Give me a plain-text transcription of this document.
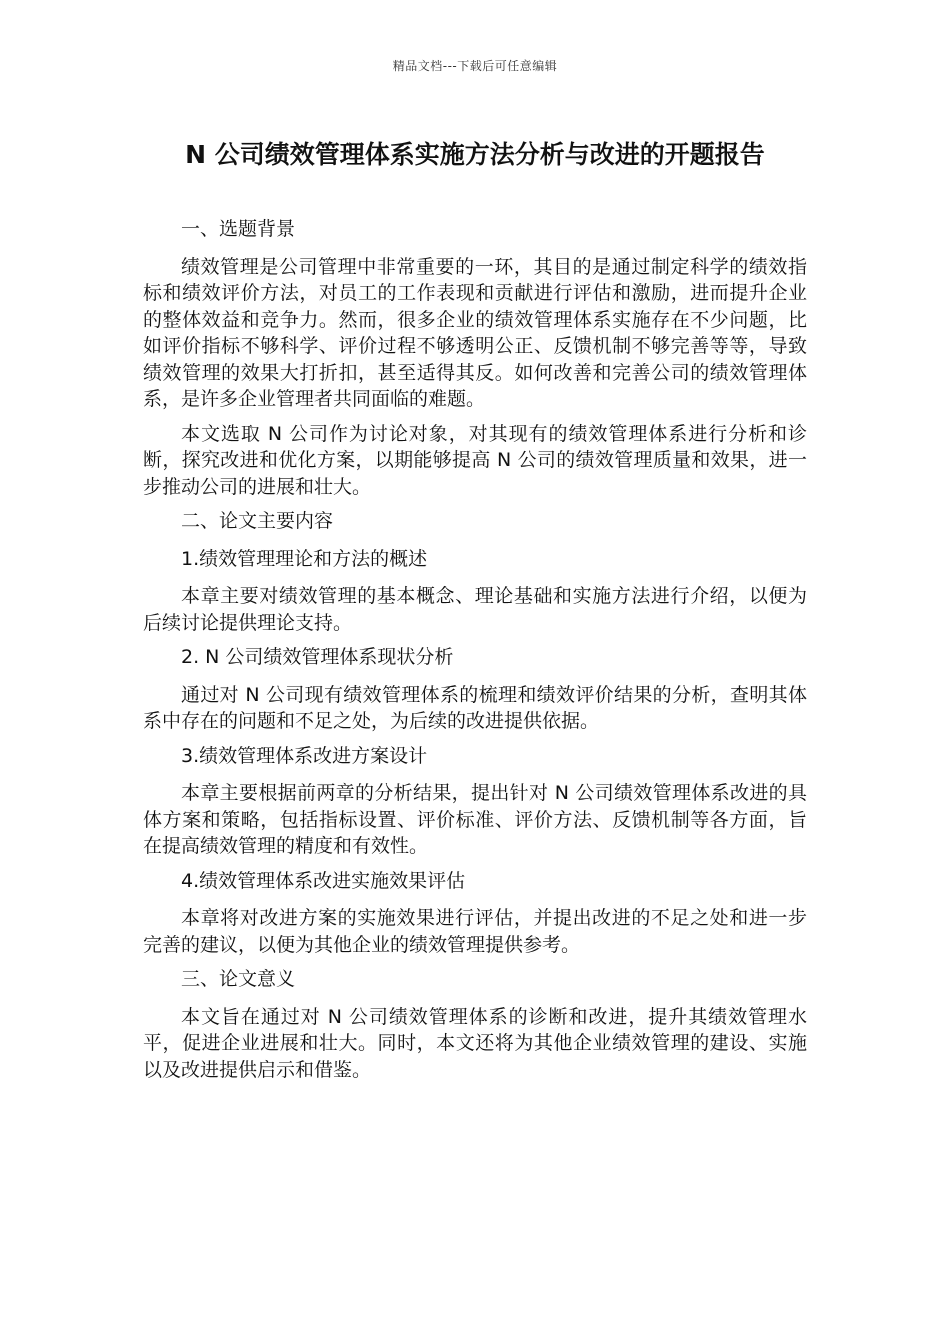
精品文档---下载后可任意编辑
N 公司绩效管理体系实施方法分析与改进的开题报告

一、选题背景

绩效管理是公司管理中非常重要的一环，其目的是通过制定科学的绩效指标和绩效评价方法，对员工的工作表现和贡献进行评估和激励，进而提升企业的整体效益和竞争力。然而，很多企业的绩效管理体系实施存在不少问题，比如评价指标不够科学、评价过程不够透明公正、反馈机制不够完善等等，导致绩效管理的效果大打折扣，甚至适得其反。如何改善和完善公司的绩效管理体系，是许多企业管理者共同面临的难题。

本文选取 N 公司作为讨论对象，对其现有的绩效管理体系进行分析和诊断，探究改进和优化方案，以期能够提高 N 公司的绩效管理质量和效果，进一步推动公司的进展和壮大。

二、论文主要内容

1.绩效管理理论和方法的概述

本章主要对绩效管理的基本概念、理论基础和实施方法进行介绍，以便为后续讨论提供理论支持。

2. N 公司绩效管理体系现状分析

通过对 N 公司现有绩效管理体系的梳理和绩效评价结果的分析，查明其体系中存在的问题和不足之处，为后续的改进提供依据。

3.绩效管理体系改进方案设计

本章主要根据前两章的分析结果，提出针对 N 公司绩效管理体系改进的具体方案和策略，包括指标设置、评价标准、评价方法、反馈机制等各方面，旨在提高绩效管理的精度和有效性。

4.绩效管理体系改进实施效果评估

本章将对改进方案的实施效果进行评估，并提出改进的不足之处和进一步完善的建议，以便为其他企业的绩效管理提供参考。

三、论文意义

本文旨在通过对 N 公司绩效管理体系的诊断和改进，提升其绩效管理水平，促进企业进展和壮大。同时，本文还将为其他企业绩效管理的建设、实施以及改进提供启示和借鉴。
